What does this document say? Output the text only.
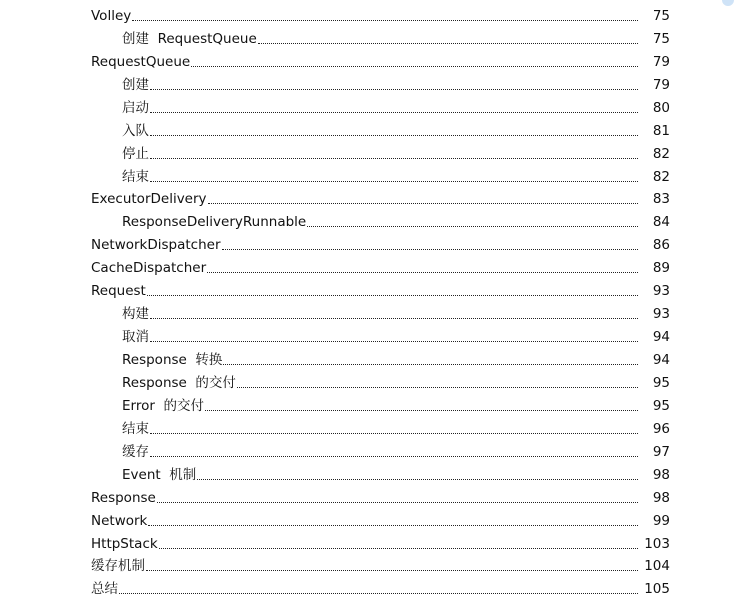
Volley	75
创建  RequestQueue	75
RequestQueue	79
创建	79
启动	80
入队	81
停止	82
结束	82
ExecutorDelivery	83
ResponseDeliveryRunnable	84
NetworkDispatcher	86
CacheDispatcher	89
Request	93
构建	93
取消	94
Response  转换	94
Response  的交付	95
Error  的交付	95
结束	96
缓存	97
Event  机制	98
Response	98
Network	99
HttpStack	103
缓存机制	104
总结	105
